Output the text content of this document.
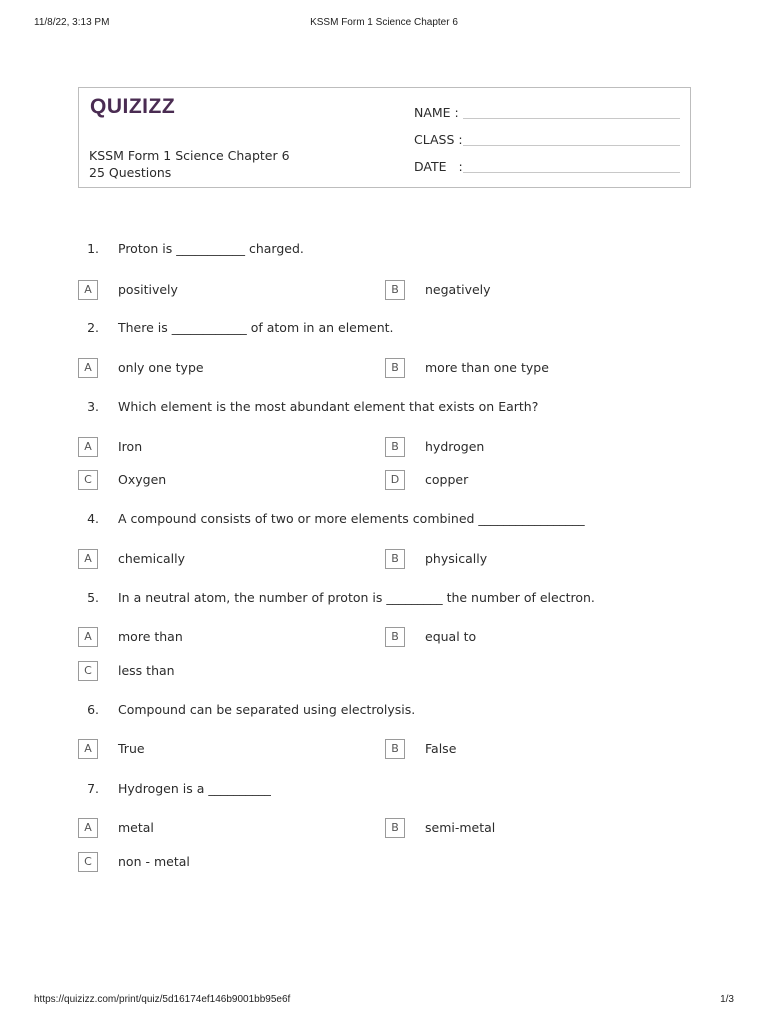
11/8/22, 3:13 PM	KSSM Form 1 Science Chapter 6
QUIZIZZ
KSSM Form 1 Science Chapter 6
25 Questions
NAME :
CLASS :
DATE   :
1. Proton is ___________ charged.
A	positively	B	negatively
2. There is ____________ of atom in an element.
A	only one type	B	more than one type
3. Which element is the most abundant element that exists on Earth?
A	Iron	B	hydrogen
C	Oxygen	D	copper
4. A compound consists of two or more elements combined _________________
A	chemically	B	physically
5. In a neutral atom, the number of proton is _________ the number of electron.
A	more than	B	equal to
C	less than
6. Compound can be separated using electrolysis.
A	True	B	False
7. Hydrogen is a __________
A	metal	B	semi-metal
C	non - metal
https://quizizz.com/print/quiz/5d16174ef146b9001bb95e6f	1/3
